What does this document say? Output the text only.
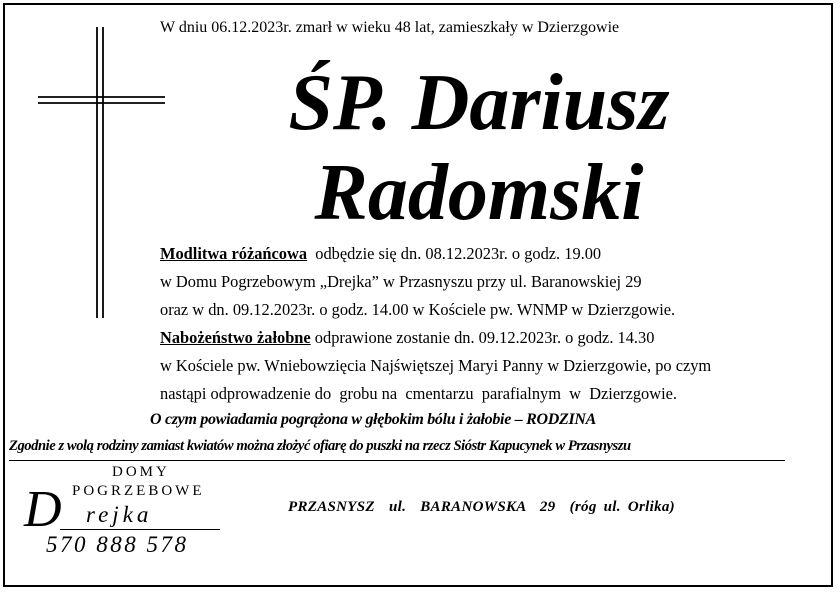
W dniu 06.12.2023r. zmarł w wieku 48 lat, zamieszkały w Dzierzgowie
ŚP. Dariusz
Radomski
Modlitwa różańcowa  odbędzie się dn. 08.12.2023r. o godz. 19.00
w Domu Pogrzebowym „Drejka” w Przasnyszu przy ul. Baranowskiej 29
oraz w dn. 09.12.2023r. o godz. 14.00 w Kościele pw. WNMP w Dzierzgowie.
Nabożeństwo żałobne odprawione zostanie dn. 09.12.2023r. o godz. 14.30
w Kościele pw. Wniebowzięcia Najświętszej Maryi Panny w Dzierzgowie, po czym
nastąpi odprowadzenie do  grobu na  cmentarzu  parafialnym  w  Dzierzgowie.
O czym powiadamia pogrążona w głębokim bólu i żałobie – RODZINA
Zgodnie z wolą rodziny zamiast kwiatów można złożyć ofiarę do puszki na rzecz Sióstr Kapucynek w Przasnyszu
D
DOMY
POGRZEBOWE
rejka
570 888 578
PRZASNYSZ  ul.  BARANOWSKA  29  (róg ul. Orlika)
